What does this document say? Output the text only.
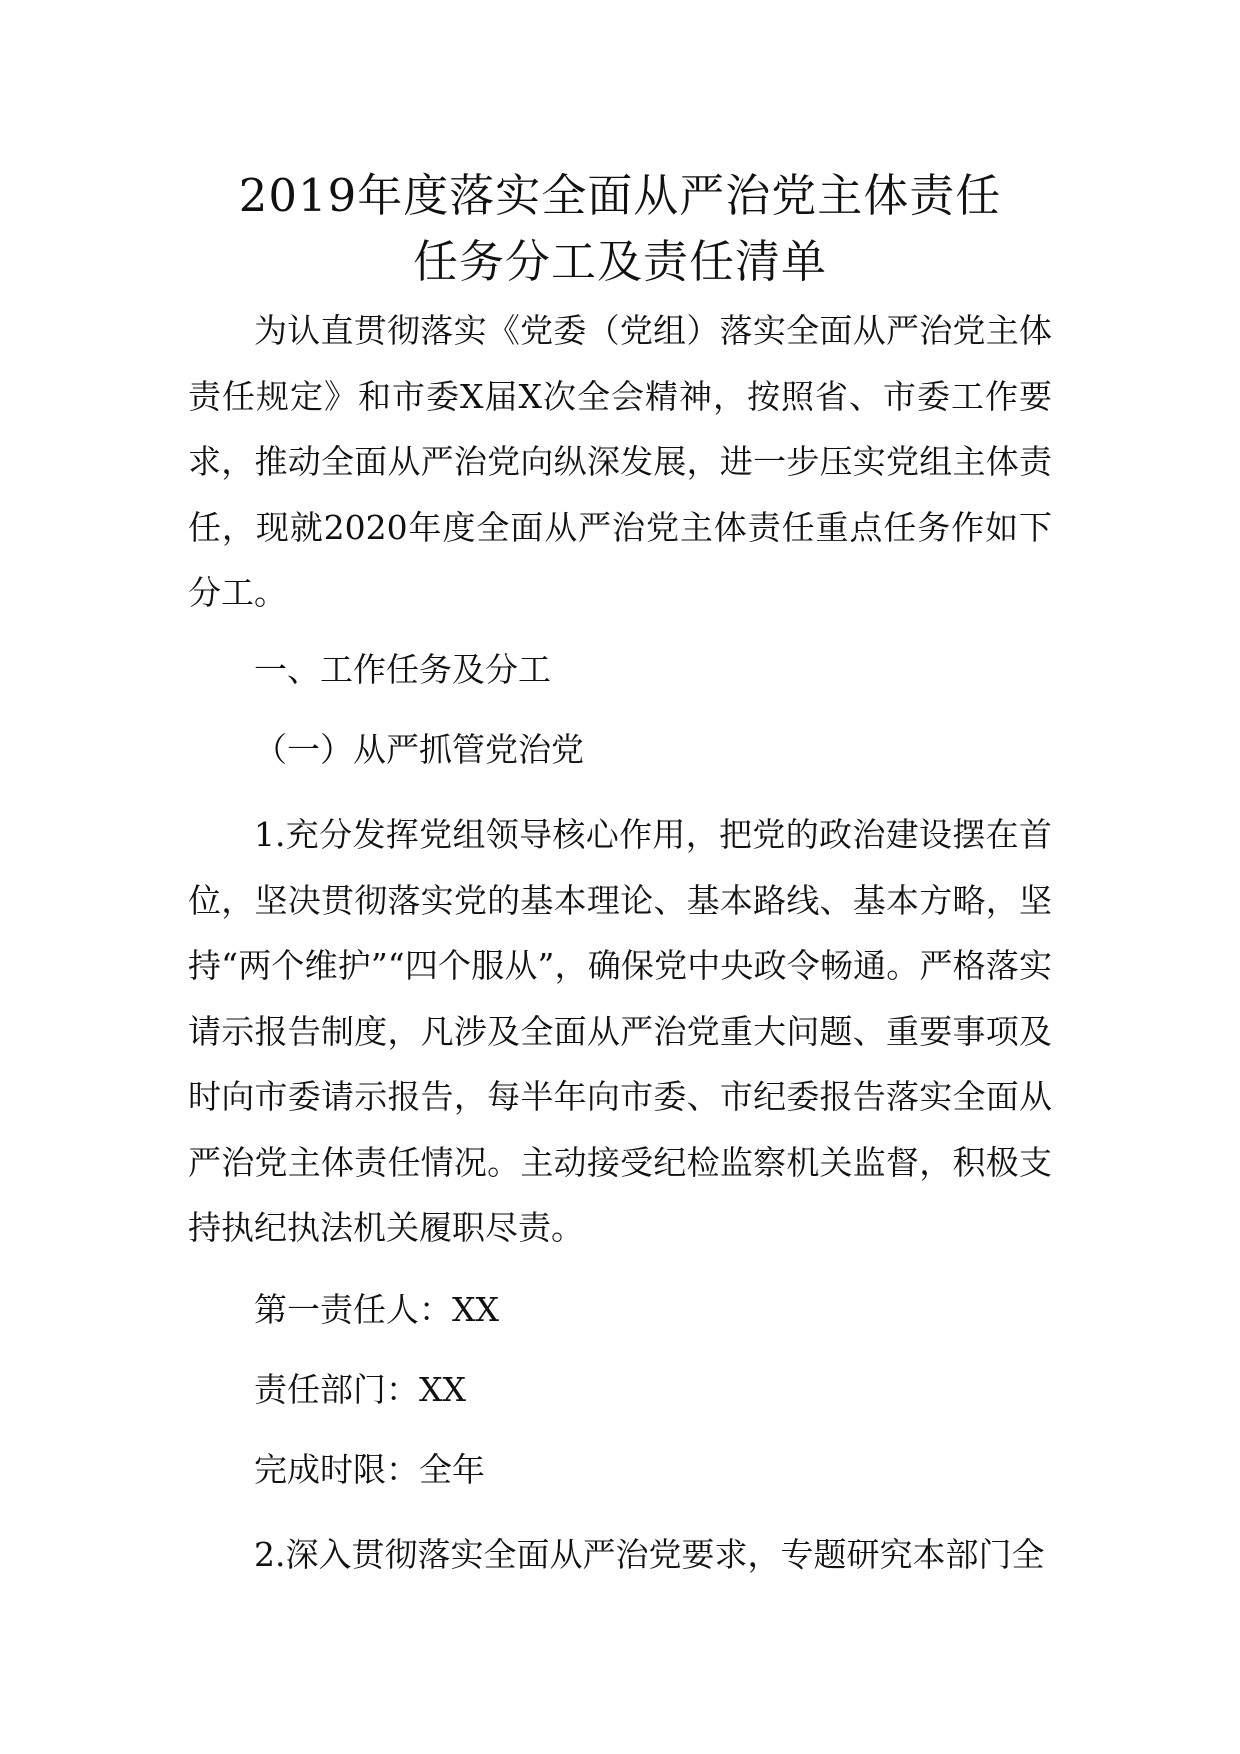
2019年度落实全面从严治党主体责任
任务分工及责任清单

为认直贯彻落实《党委（党组）落实全面从严治党主体责任规定》和市委X届X次全会精神，按照省、市委工作要求，推动全面从严治党向纵深发展，进一步压实党组主体责任，现就2020年度全面从严治党主体责任重点任务作如下分工。

一、工作任务及分工

（一）从严抓管党治党

1.充分发挥党组领导核心作用，把党的政治建设摆在首位，坚决贯彻落实党的基本理论、基本路线、基本方略，坚持“两个维护”“四个服从”，确保党中央政令畅通。严格落实请示报告制度，凡涉及全面从严治党重大问题、重要事项及时向市委请示报告，每半年向市委、市纪委报告落实全面从严治党主体责任情况。主动接受纪检监察机关监督，积极支持执纪执法机关履职尽责。

第一责任人：XX

责任部门：XX

完成时限：全年

2.深入贯彻落实全面从严治党要求，专题研究本部门全
